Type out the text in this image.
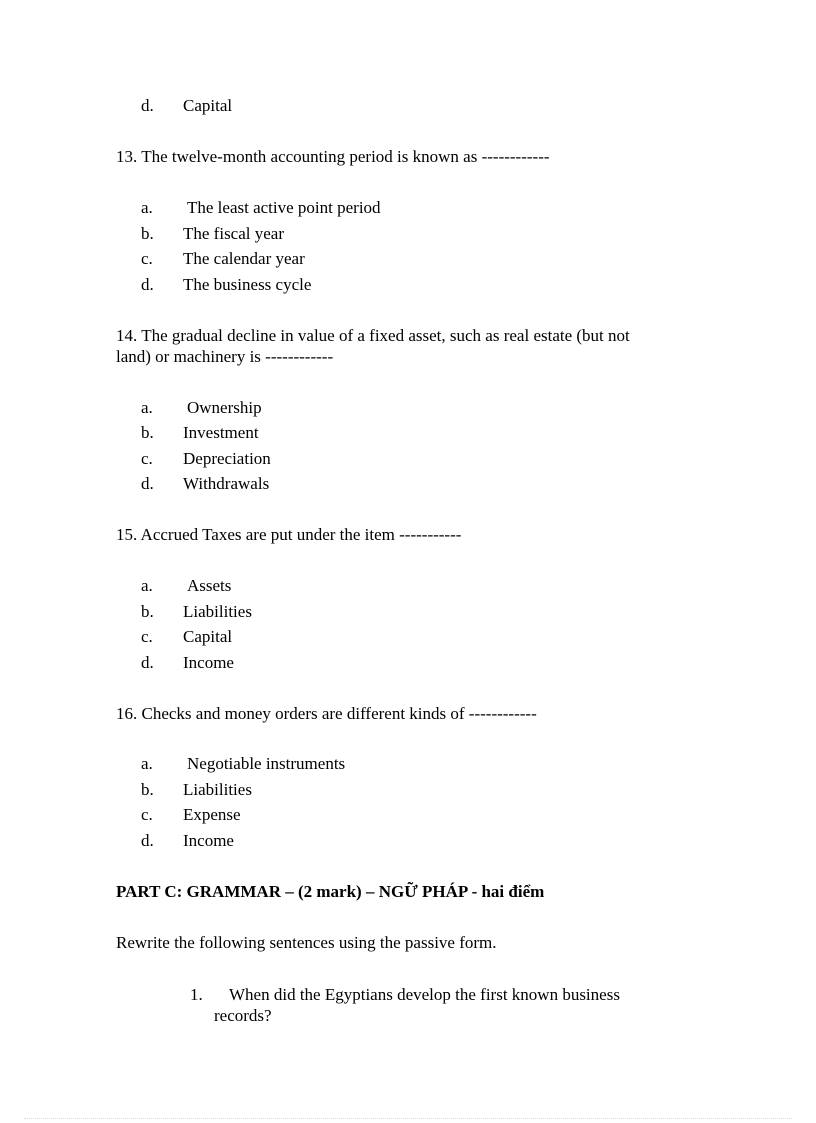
d.	Capital
13. The twelve-month accounting period is known as ------------
a.	The least active point period
b.	The fiscal year
c.	The calendar year
d.	The business cycle
14. The gradual decline in value of a fixed asset, such as real estate (but not
land) or machinery is ------------
a.	Ownership
b.	Investment
c.	Depreciation
d.	Withdrawals
15. Accrued Taxes are put under the item -----------
a.	Assets
b.	Liabilities
c.	Capital
d.	Income
16. Checks and money orders are different kinds of ------------
a.	Negotiable instruments
b.	Liabilities
c.	Expense
d.	Income
PART C: GRAMMAR – (2 mark) – NGỮ PHÁP - hai điểm
Rewrite the following sentences using the passive form.
1. When did the Egyptians develop the first known business
records?
